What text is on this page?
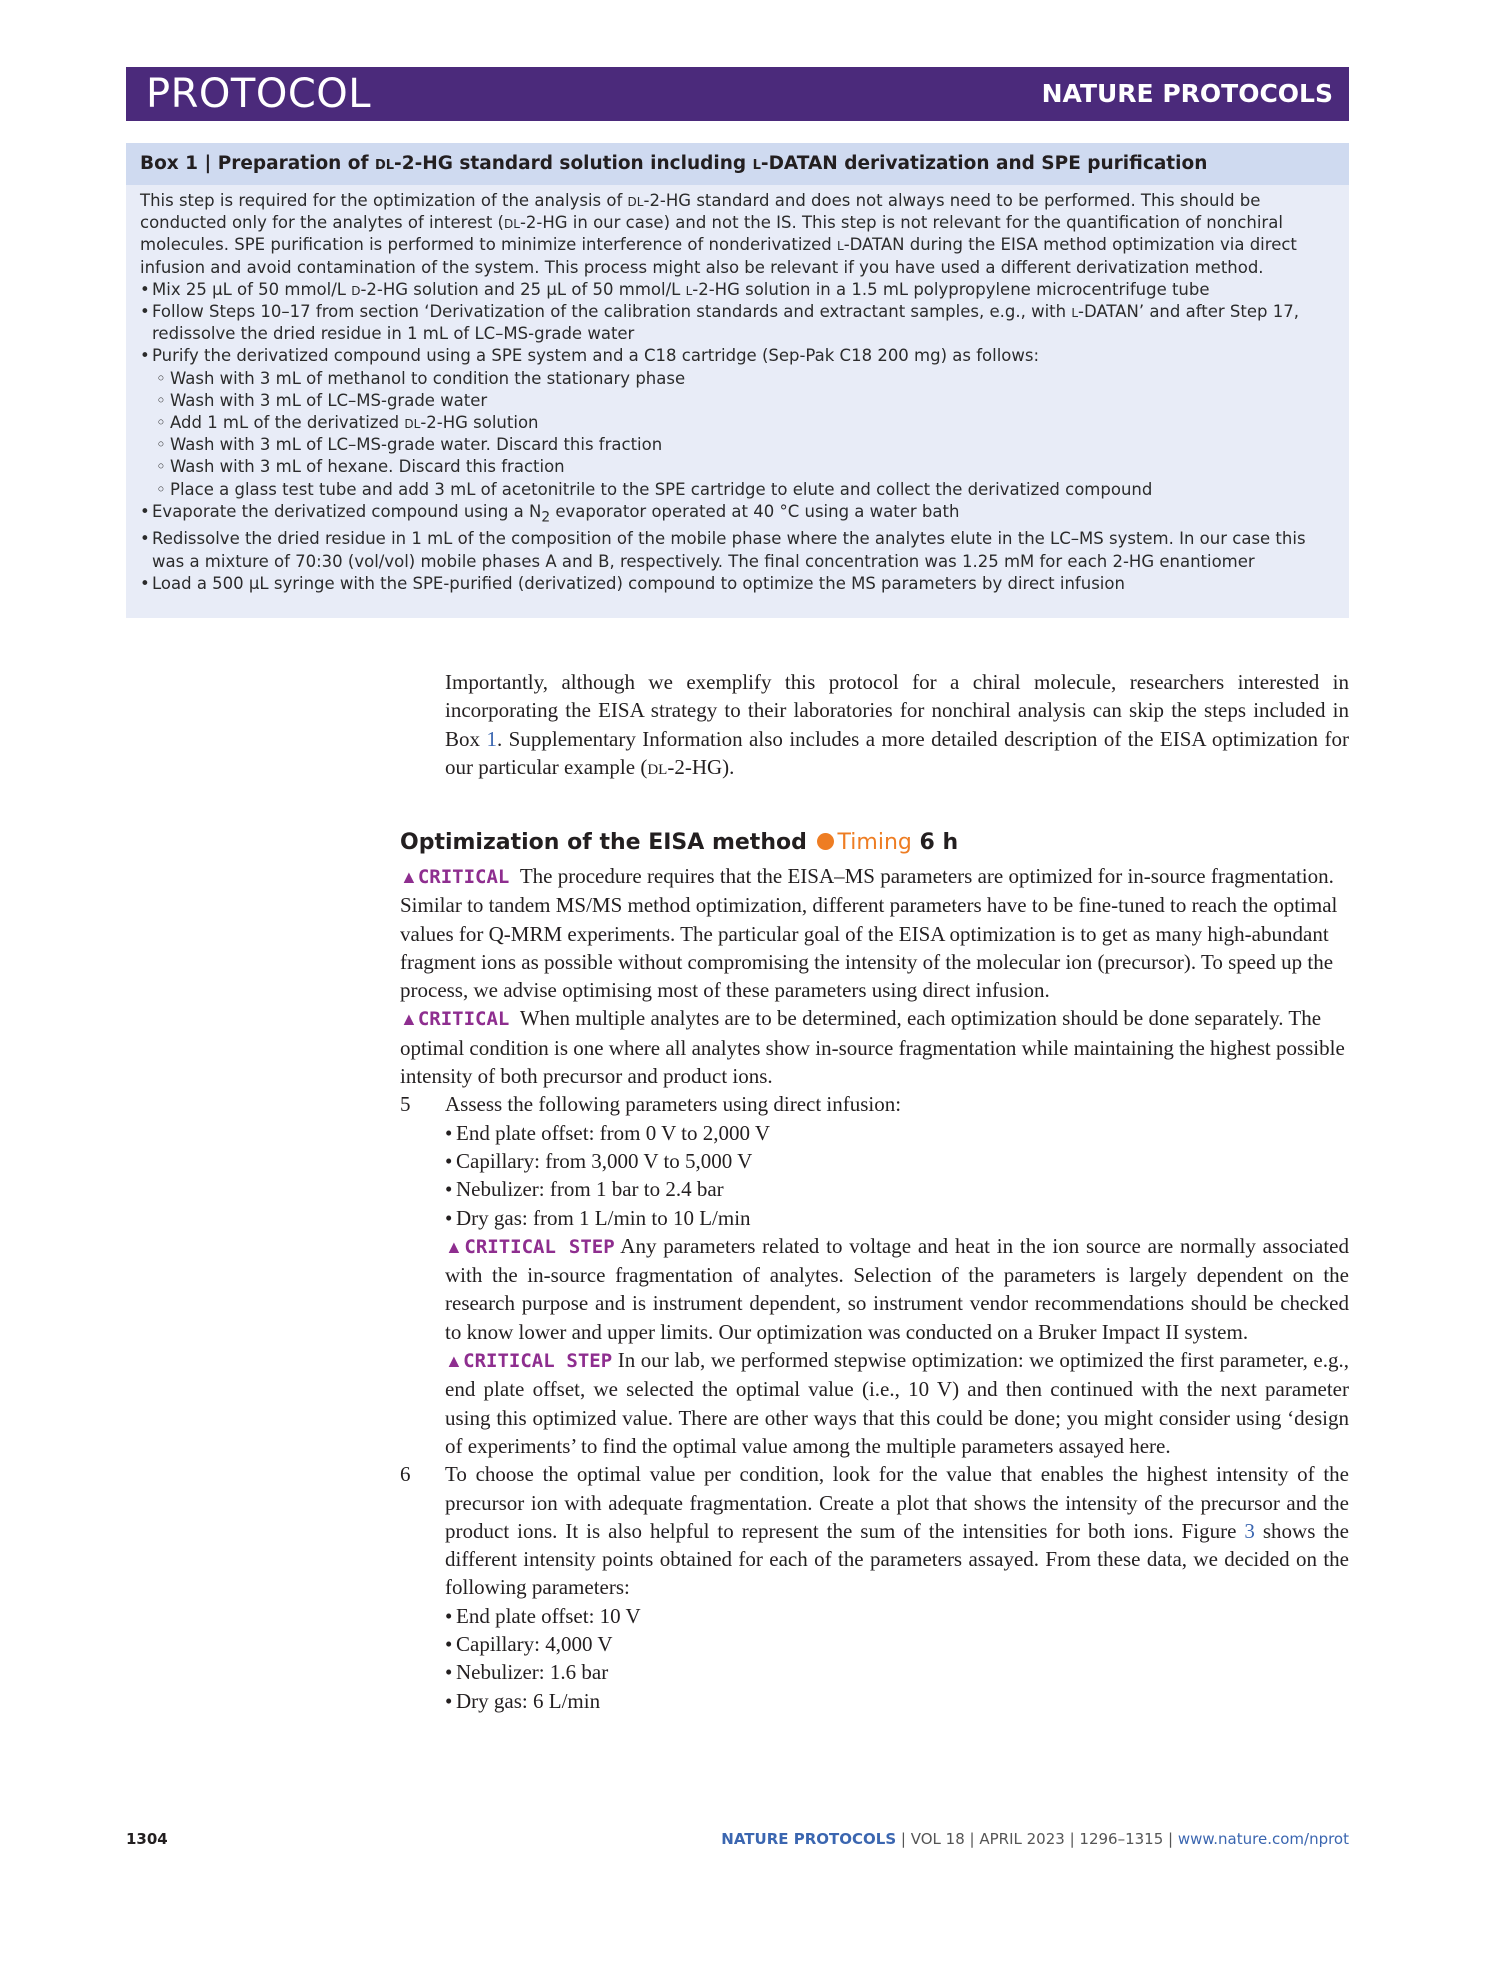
PROTOCOL	NATURE PROTOCOLS
Box 1 | Preparation of dl-2-HG standard solution including l-DATAN derivatization and SPE purification

This step is required for the optimization of the analysis of dl-2-HG standard and does not always need to be performed. This should be conducted only for the analytes of interest (dl-2-HG in our case) and not the IS. This step is not relevant for the quantification of nonchiral molecules. SPE purification is performed to minimize interference of nonderivatized l-DATAN during the EISA method optimization via direct infusion and avoid contamination of the system. This process might also be relevant if you have used a different derivatization method.

• Mix 25 μL of 50 mmol/L d-2-HG solution and 25 μL of 50 mmol/L l-2-HG solution in a 1.5 mL polypropylene microcentrifuge tube
• Follow Steps 10–17 from section ‘Derivatization of the calibration standards and extractant samples, e.g., with l-DATAN’ and after Step 17, redissolve the dried residue in 1 mL of LC–MS-grade water
• Purify the derivatized compound using a SPE system and a C18 cartridge (Sep-Pak C18 200 mg) as follows:
◦ Wash with 3 mL of methanol to condition the stationary phase
◦ Wash with 3 mL of LC–MS-grade water
◦ Add 1 mL of the derivatized dl-2-HG solution
◦ Wash with 3 mL of LC–MS-grade water. Discard this fraction
◦ Wash with 3 mL of hexane. Discard this fraction
◦ Place a glass test tube and add 3 mL of acetonitrile to the SPE cartridge to elute and collect the derivatized compound
• Evaporate the derivatized compound using a $N_2$ evaporator operated at 40 °C using a water bath
• Redissolve the dried residue in 1 mL of the composition of the mobile phase where the analytes elute in the LC–MS system. In our case this was a mixture of 70:30 (vol/vol) mobile phases A and B, respectively. The final concentration was 1.25 mM for each 2-HG enantiomer
• Load a 500 μL syringe with the SPE-purified (derivatized) compound to optimize the MS parameters by direct infusion

Importantly, although we exemplify this protocol for a chiral molecule, researchers interested in incorporating the EISA strategy to their laboratories for nonchiral analysis can skip the steps included in Box 1. Supplementary Information also includes a more detailed description of the EISA optimization for our particular example (dl-2-HG).

Optimization of the EISA method Timing 6 h

▲CRITICAL The procedure requires that the EISA–MS parameters are optimized for in-source fragmentation. Similar to tandem MS/MS method optimization, different parameters have to be fine-tuned to reach the optimal values for Q-MRM experiments. The particular goal of the EISA optimization is to get as many high-abundant fragment ions as possible without compromising the intensity of the molecular ion (precursor). To speed up the process, we advise optimising most of these parameters using direct infusion.

▲CRITICAL When multiple analytes are to be determined, each optimization should be done separately. The optimal condition is one where all analytes show in-source fragmentation while maintaining the highest possible intensity of both precursor and product ions.

5 Assess the following parameters using direct infusion:

• End plate offset: from 0 V to 2,000 V
• Capillary: from 3,000 V to 5,000 V
• Nebulizer: from 1 bar to 2.4 bar
• Dry gas: from 1 L/min to 10 L/min

▲CRITICAL STEP Any parameters related to voltage and heat in the ion source are normally associated with the in-source fragmentation of analytes. Selection of the parameters is largely dependent on the research purpose and is instrument dependent, so instrument vendor recommendations should be checked to know lower and upper limits. Our optimization was conducted on a Bruker Impact II system.

▲CRITICAL STEP In our lab, we performed stepwise optimization: we optimized the first parameter, e.g., end plate offset, we selected the optimal value (i.e., 10 V) and then continued with the next parameter using this optimized value. There are other ways that this could be done; you might consider using ‘design of experiments’ to find the optimal value among the multiple parameters assayed here.

6 To choose the optimal value per condition, look for the value that enables the highest intensity of the precursor ion with adequate fragmentation. Create a plot that shows the intensity of the precursor and the product ions. It is also helpful to represent the sum of the intensities for both ions. Figure 3 shows the different intensity points obtained for each of the parameters assayed. From these data, we decided on the following parameters:

• End plate offset: 10 V
• Capillary: 4,000 V
• Nebulizer: 1.6 bar
• Dry gas: 6 L/min
1304	NATURE PROTOCOLS | VOL 18 | APRIL 2023 | 1296–1315 | www.nature.com/nprot
